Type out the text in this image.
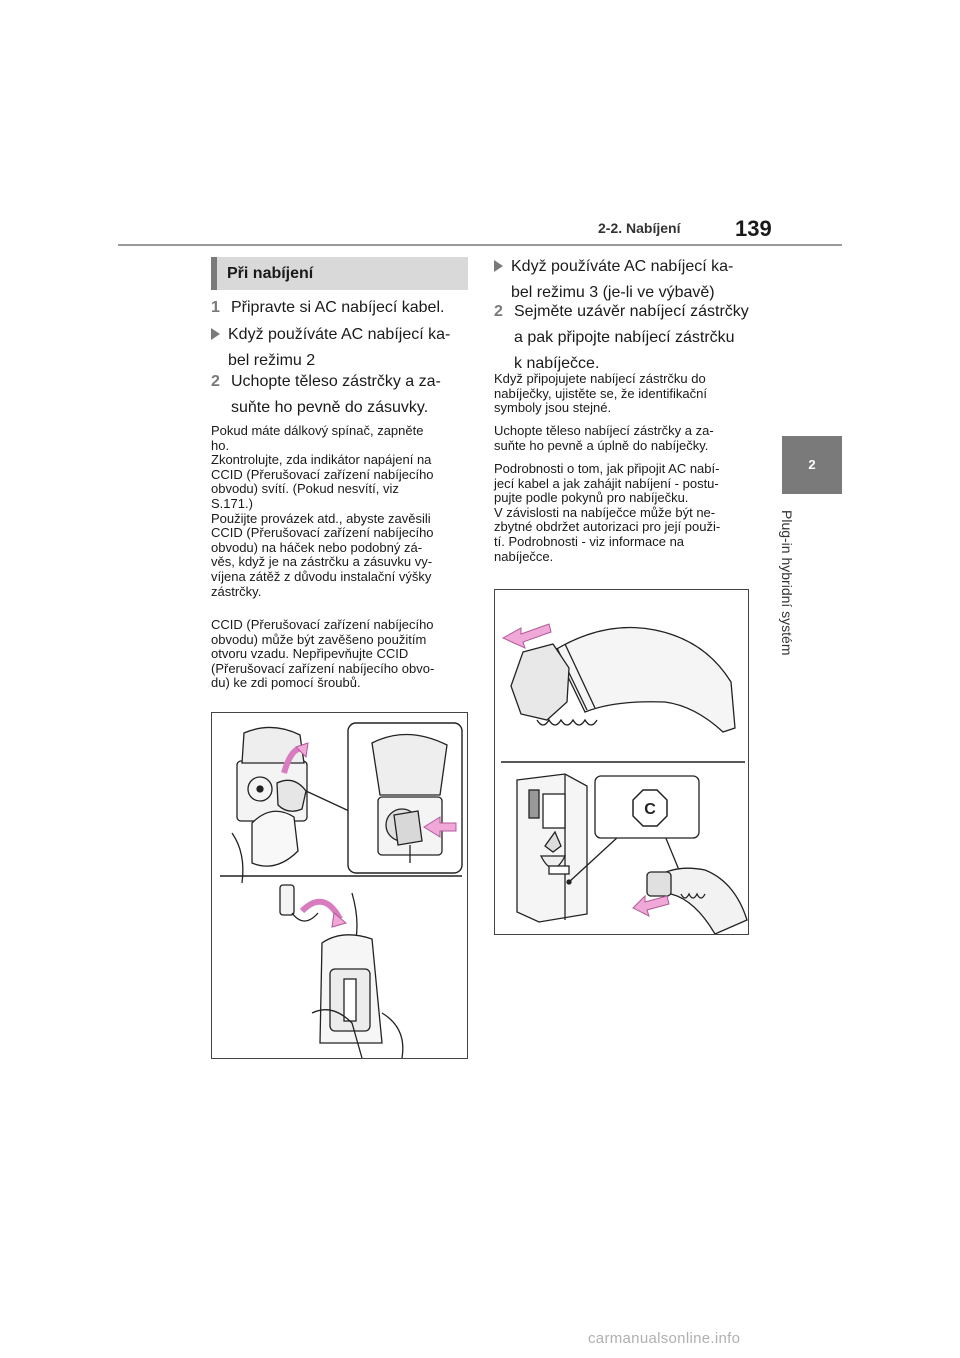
2-2. Nabíjení 139
2
Plug-in hybridní systém
Při nabíjení
1 Připravte si AC nabíjecí kabel.
Když používáte AC nabíjecí ka-
bel režimu 2
2 Uchopte těleso zástrčky a za-
suňte ho pevně do zásuvky.
Pokud máte dálkový spínač, zapněte
ho.
Zkontrolujte, zda indikátor napájení na
CCID (Přerušovací zařízení nabíjecího
obvodu) svítí. (Pokud nesvítí, viz
S.171.)
Použijte provázek atd., abyste zavěsili
CCID (Přerušovací zařízení nabíjecího
obvodu) na háček nebo podobný zá-
věs, když je na zástrčku a zásuvku vy-
víjena zátěž z důvodu instalační výšky
zástrčky.
CCID (Přerušovací zařízení nabíjecího
obvodu) může být zavěšeno použitím
otvoru vzadu. Nepřipevňujte CCID
(Přerušovací zařízení nabíjecího obvo-
du) ke zdi pomocí šroubů.
Když používáte AC nabíjecí ka-
bel režimu 3 (je-li ve výbavě)
2 Sejměte uzávěr nabíjecí zástrčky
a pak připojte nabíjecí zástrčku
k nabíječce.
Když připojujete nabíjecí zástrčku do
nabíječky, ujistěte se, že identifikační
symboly jsou stejné.
Uchopte těleso nabíjecí zástrčky a za-
suňte ho pevně a úplně do nabíječky.
Podrobnosti o tom, jak připojit AC nabí-
jecí kabel a jak zahájit nabíjení - postu-
pujte podle pokynů pro nabíječku.
V závislosti na nabíječce může být ne-
zbytné obdržet autorizaci pro její použi-
tí. Podrobnosti - viz informace na
nabíječce.
C
carmanualsonline.info
